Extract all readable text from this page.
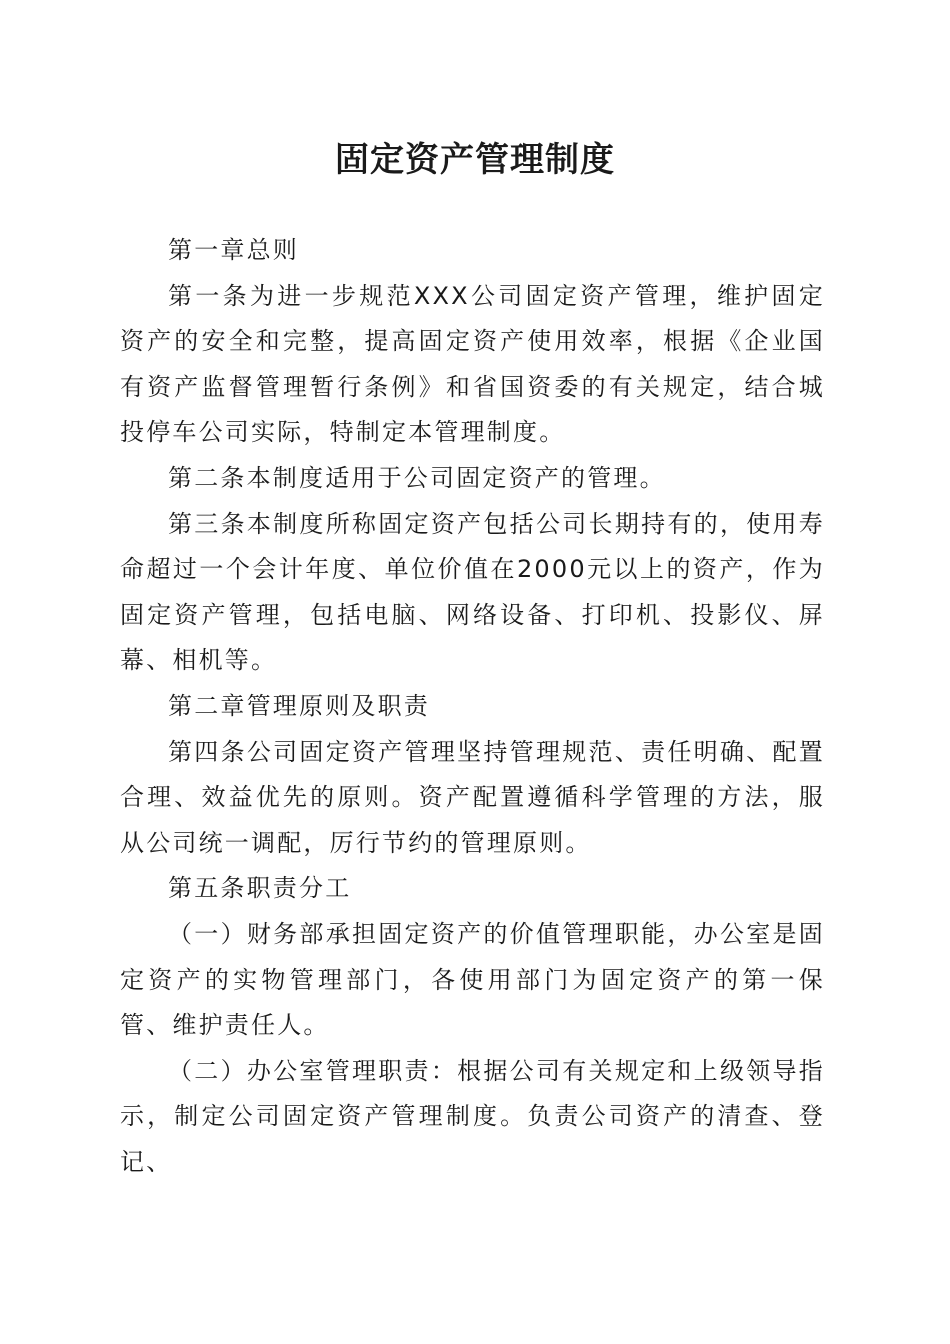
固定资产管理制度

第一章总则

第一条为进一步规范XXX公司固定资产管理，维护固定资产的安全和完整，提高固定资产使用效率，根据《企业国有资产监督管理暂行条例》和省国资委的有关规定，结合城投停车公司实际，特制定本管理制度。

第二条本制度适用于公司固定资产的管理。

第三条本制度所称固定资产包括公司长期持有的，使用寿命超过一个会计年度、单位价值在2000元以上的资产，作为固定资产管理，包括电脑、网络设备、打印机、投影仪、屏幕、相机等。

第二章管理原则及职责

第四条公司固定资产管理坚持管理规范、责任明确、配置合理、效益优先的原则。资产配置遵循科学管理的方法，服从公司统一调配，厉行节约的管理原则。

第五条职责分工

（一）财务部承担固定资产的价值管理职能，办公室是固定资产的实物管理部门，各使用部门为固定资产的第一保管、维护责任人。

（二）办公室管理职责：根据公司有关规定和上级领导指示，制定公司固定资产管理制度。负责公司资产的清查、登记、
